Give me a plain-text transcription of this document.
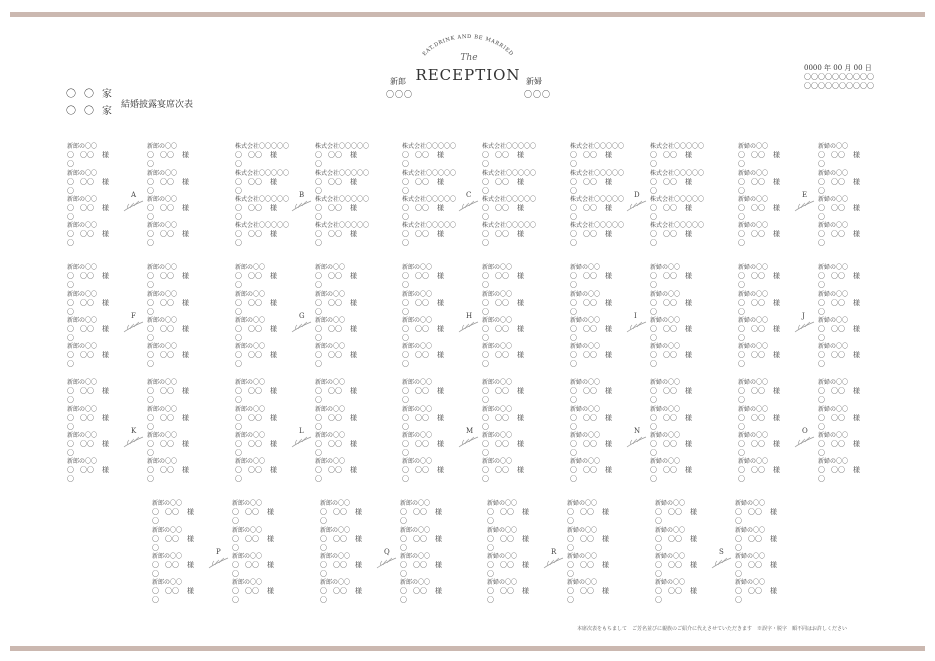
〇 〇 家
〇 〇 家
結婚披露宴席次表
EAT,DRINK AND BE MARRIED
The
RECEPTION
新郎
〇〇〇
新婦
〇〇〇
0000 年 00 月 00 日
〇〇〇〇〇〇〇〇〇〇
〇〇〇〇〇〇〇〇〇〇
新郎の〇〇
〇〇
〇〇	様
新郎の〇〇
〇〇
〇〇	様
新郎の〇〇
〇〇
〇〇	様
新郎の〇〇
〇〇
〇〇	様
新郎の〇〇
〇〇
〇〇	様
新郎の〇〇
〇〇
〇〇	様
新郎の〇〇
〇〇
〇〇	様
新郎の〇〇
〇〇
〇〇	様
A
株式会社〇〇〇〇〇
〇〇
〇〇	様
株式会社〇〇〇〇〇
〇〇
〇〇	様
株式会社〇〇〇〇〇
〇〇
〇〇	様
株式会社〇〇〇〇〇
〇〇
〇〇	様
株式会社〇〇〇〇〇
〇〇
〇〇	様
株式会社〇〇〇〇〇
〇〇
〇〇	様
株式会社〇〇〇〇〇
〇〇
〇〇	様
株式会社〇〇〇〇〇
〇〇
〇〇	様
B
株式会社〇〇〇〇〇
〇〇
〇〇	様
株式会社〇〇〇〇〇
〇〇
〇〇	様
株式会社〇〇〇〇〇
〇〇
〇〇	様
株式会社〇〇〇〇〇
〇〇
〇〇	様
株式会社〇〇〇〇〇
〇〇
〇〇	様
株式会社〇〇〇〇〇
〇〇
〇〇	様
株式会社〇〇〇〇〇
〇〇
〇〇	様
株式会社〇〇〇〇〇
〇〇
〇〇	様
C
株式会社〇〇〇〇〇
〇〇
〇〇	様
株式会社〇〇〇〇〇
〇〇
〇〇	様
株式会社〇〇〇〇〇
〇〇
〇〇	様
株式会社〇〇〇〇〇
〇〇
〇〇	様
株式会社〇〇〇〇〇
〇〇
〇〇	様
株式会社〇〇〇〇〇
〇〇
〇〇	様
株式会社〇〇〇〇〇
〇〇
〇〇	様
株式会社〇〇〇〇〇
〇〇
〇〇	様
D
新婦の〇〇
〇〇
〇〇	様
新婦の〇〇
〇〇
〇〇	様
新婦の〇〇
〇〇
〇〇	様
新婦の〇〇
〇〇
〇〇	様
新婦の〇〇
〇〇
〇〇	様
新婦の〇〇
〇〇
〇〇	様
新婦の〇〇
〇〇
〇〇	様
新婦の〇〇
〇〇
〇〇	様
E
新郎の〇〇
〇〇
〇〇	様
新郎の〇〇
〇〇
〇〇	様
新郎の〇〇
〇〇
〇〇	様
新郎の〇〇
〇〇
〇〇	様
新郎の〇〇
〇〇
〇〇	様
新郎の〇〇
〇〇
〇〇	様
新郎の〇〇
〇〇
〇〇	様
新郎の〇〇
〇〇
〇〇	様
F
新郎の〇〇
〇〇
〇〇	様
新郎の〇〇
〇〇
〇〇	様
新郎の〇〇
〇〇
〇〇	様
新郎の〇〇
〇〇
〇〇	様
新郎の〇〇
〇〇
〇〇	様
新郎の〇〇
〇〇
〇〇	様
新郎の〇〇
〇〇
〇〇	様
新郎の〇〇
〇〇
〇〇	様
G
新郎の〇〇
〇〇
〇〇	様
新郎の〇〇
〇〇
〇〇	様
新郎の〇〇
〇〇
〇〇	様
新郎の〇〇
〇〇
〇〇	様
新郎の〇〇
〇〇
〇〇	様
新郎の〇〇
〇〇
〇〇	様
新郎の〇〇
〇〇
〇〇	様
新郎の〇〇
〇〇
〇〇	様
H
新婦の〇〇
〇〇
〇〇	様
新婦の〇〇
〇〇
〇〇	様
新婦の〇〇
〇〇
〇〇	様
新婦の〇〇
〇〇
〇〇	様
新婦の〇〇
〇〇
〇〇	様
新婦の〇〇
〇〇
〇〇	様
新婦の〇〇
〇〇
〇〇	様
新婦の〇〇
〇〇
〇〇	様
I
新婦の〇〇
〇〇
〇〇	様
新婦の〇〇
〇〇
〇〇	様
新婦の〇〇
〇〇
〇〇	様
新婦の〇〇
〇〇
〇〇	様
新婦の〇〇
〇〇
〇〇	様
新婦の〇〇
〇〇
〇〇	様
新婦の〇〇
〇〇
〇〇	様
新婦の〇〇
〇〇
〇〇	様
J
新郎の〇〇
〇〇
〇〇	様
新郎の〇〇
〇〇
〇〇	様
新郎の〇〇
〇〇
〇〇	様
新郎の〇〇
〇〇
〇〇	様
新郎の〇〇
〇〇
〇〇	様
新郎の〇〇
〇〇
〇〇	様
新郎の〇〇
〇〇
〇〇	様
新郎の〇〇
〇〇
〇〇	様
K
新郎の〇〇
〇〇
〇〇	様
新郎の〇〇
〇〇
〇〇	様
新郎の〇〇
〇〇
〇〇	様
新郎の〇〇
〇〇
〇〇	様
新郎の〇〇
〇〇
〇〇	様
新郎の〇〇
〇〇
〇〇	様
新郎の〇〇
〇〇
〇〇	様
新郎の〇〇
〇〇
〇〇	様
L
新郎の〇〇
〇〇
〇〇	様
新郎の〇〇
〇〇
〇〇	様
新郎の〇〇
〇〇
〇〇	様
新郎の〇〇
〇〇
〇〇	様
新郎の〇〇
〇〇
〇〇	様
新郎の〇〇
〇〇
〇〇	様
新郎の〇〇
〇〇
〇〇	様
新郎の〇〇
〇〇
〇〇	様
M
新婦の〇〇
〇〇
〇〇	様
新婦の〇〇
〇〇
〇〇	様
新婦の〇〇
〇〇
〇〇	様
新婦の〇〇
〇〇
〇〇	様
新婦の〇〇
〇〇
〇〇	様
新婦の〇〇
〇〇
〇〇	様
新婦の〇〇
〇〇
〇〇	様
新婦の〇〇
〇〇
〇〇	様
N
新婦の〇〇
〇〇
〇〇	様
新婦の〇〇
〇〇
〇〇	様
新婦の〇〇
〇〇
〇〇	様
新婦の〇〇
〇〇
〇〇	様
新婦の〇〇
〇〇
〇〇	様
新婦の〇〇
〇〇
〇〇	様
新婦の〇〇
〇〇
〇〇	様
新婦の〇〇
〇〇
〇〇	様
O
新郎の〇〇
〇〇
〇〇	様
新郎の〇〇
〇〇
〇〇	様
新郎の〇〇
〇〇
〇〇	様
新郎の〇〇
〇〇
〇〇	様
新郎の〇〇
〇〇
〇〇	様
新郎の〇〇
〇〇
〇〇	様
新郎の〇〇
〇〇
〇〇	様
新郎の〇〇
〇〇
〇〇	様
P
新郎の〇〇
〇〇
〇〇	様
新郎の〇〇
〇〇
〇〇	様
新郎の〇〇
〇〇
〇〇	様
新郎の〇〇
〇〇
〇〇	様
新郎の〇〇
〇〇
〇〇	様
新郎の〇〇
〇〇
〇〇	様
新郎の〇〇
〇〇
〇〇	様
新郎の〇〇
〇〇
〇〇	様
Q
新婦の〇〇
〇〇
〇〇	様
新婦の〇〇
〇〇
〇〇	様
新婦の〇〇
〇〇
〇〇	様
新婦の〇〇
〇〇
〇〇	様
新婦の〇〇
〇〇
〇〇	様
新婦の〇〇
〇〇
〇〇	様
新婦の〇〇
〇〇
〇〇	様
新婦の〇〇
〇〇
〇〇	様
R
新婦の〇〇
〇〇
〇〇	様
新婦の〇〇
〇〇
〇〇	様
新婦の〇〇
〇〇
〇〇	様
新婦の〇〇
〇〇
〇〇	様
新婦の〇〇
〇〇
〇〇	様
新婦の〇〇
〇〇
〇〇	様
新婦の〇〇
〇〇
〇〇	様
新婦の〇〇
〇〇
〇〇	様
S
本席次表をもちまして　ご芳名並びに親族のご紹介に代えさせていただきます　※誤字・脱字　順不同はお許しください
